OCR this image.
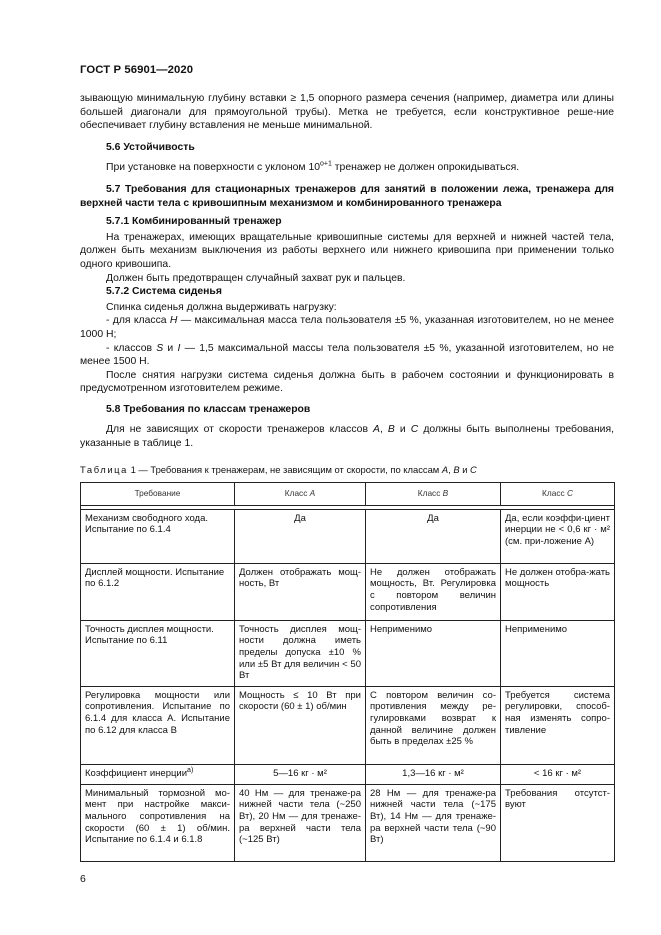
ГОСТ Р 56901—2020

зывающую минимальную глубину вставки ≥ 1,5 опорного размера сечения (например, диаметра или длины большей диагонали для прямоугольной трубы). Метка не требуется, если конструктивное реше-ние обеспечивает глубину вставления не меньше минимальной.

5.6 Устойчивость

При установке на поверхности с уклоном $10^{о+1}$ тренажер не должен опрокидываться.

5.7 Требования для стационарных тренажеров для занятий в положении лежа, тренажера для верхней части тела с кривошипным механизмом и комбинированного тренажера

5.7.1 Комбинированный тренажер

На тренажерах, имеющих вращательные кривошипные системы для верхней и нижней частей тела, должен быть механизм выключения из работы верхнего или нижнего кривошипа при применении только одного кривошипа.

Должен быть предотвращен случайный захват рук и пальцев.

5.7.2 Система сиденья

Спинка сиденья должна выдерживать нагрузку:

- для класса H — максимальная масса тела пользователя ±5 %, указанная изготовителем, но не менее 1000 Н;

- классов S и I — 1,5 максимальной массы тела пользователя ±5 %, указанной изготовителем, но не менее 1500 Н.

После снятия нагрузки система сиденья должна быть в рабочем состоянии и функционировать в предусмотренном изготовителем режиме.

5.8 Требования по классам тренажеров

Для не зависящих от скорости тренажеров классов A, B и C должны быть выполнены требования, указанные в таблице 1.

Таблица 1 — Требования к тренажерам, не зависящим от скорости, по классам A, B и C

Требование	Класс A	Класс B	Класс C

Механизм свободного хода. Испытание по 6.1.4	Да	Да	Да, если коэффи-циент инерции не < 0,6 кг · м² (см. при-ложение А)
Дисплей мощности. Испытание по 6.1.2	Должен отображать мощ-ность, Вт	Не должен отображать мощность, Вт. Регулировка с повтором величин сопротивления	Не должен отобра-жать мощность
Точность дисплея мощности. Испытание по 6.11	Точность дисплея мощ-ности должна иметь пределы допуска ±10 % или ±5 Вт для величин < 50 Вт	Неприменимо	Неприменимо
Регулировка мощности или сопротивления. Испытание по 6.1.4 для класса A. Испытание по 6.12 для класса B	Мощность ≤ 10 Вт при скорости (60 ± 1) об/мин	С повтором величин со-противления между ре-гулировками возврат к данной величине должен быть в пределах ±25 %	Требуется система регулировки, способ-ная изменять сопро-тивление
Коэффициент инерции$^{a)}$	5—16 кг · м²	1,3—16 кг · м²	< 16 кг · м²
Минимальный тормозной мо-мент при настройке макси-мального сопротивления на скорости (60 ± 1) об/мин. Испытание по 6.1.4 и 6.1.8	40 Нм — для тренаже-ра нижней части тела (~250 Вт), 20 Нм — для тренаже-ра верхней части тела (~125 Вт)	28 Нм — для тренаже-ра нижней части тела (~175 Вт), 14 Нм — для тренаже-ра верхней части тела (~90 Вт)	Требования отсутст-вуют
6
